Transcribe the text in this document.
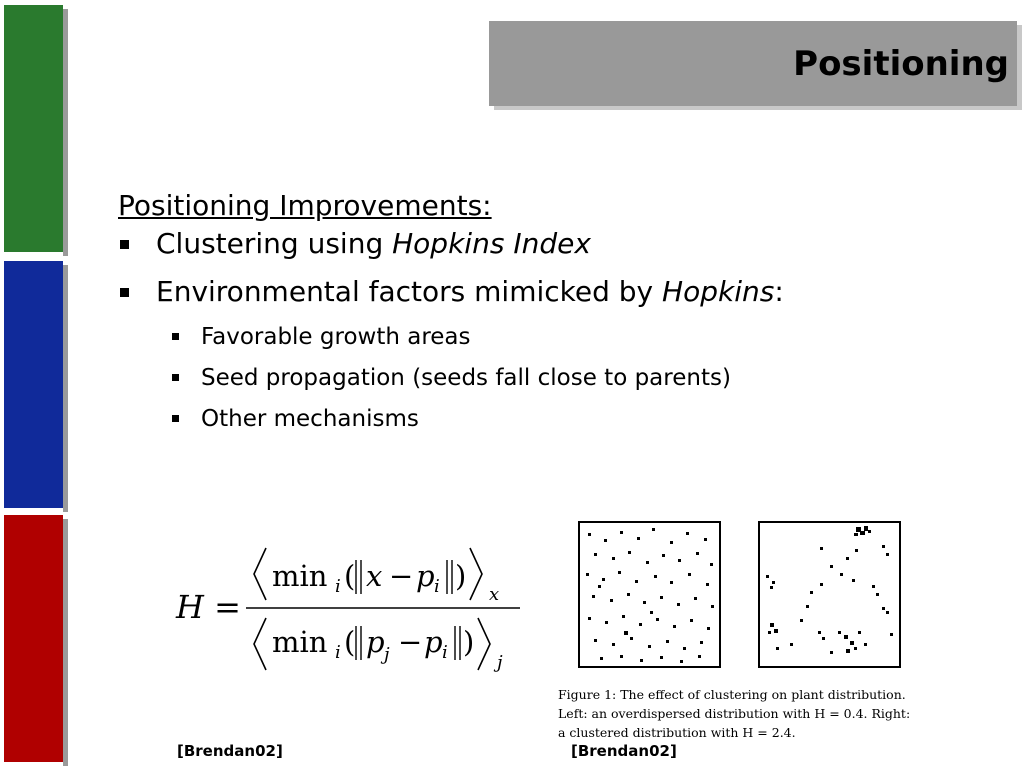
Positioning
Positioning Improvements:
Clustering using Hopkins Index
Environmental factors mimicked by Hopkins:
Favorable growth areas
Seed propagation (seeds fall close to parents)
Other mechanisms
H =
min i ( x − p i )
x
min i ( p j − p i )
j
Figure 1: The effect of clustering on plant distribution.
Left: an overdispersed distribution with H = 0.4. Right:
a clustered distribution with H = 2.4.
[Brendan02]	[Brendan02]
